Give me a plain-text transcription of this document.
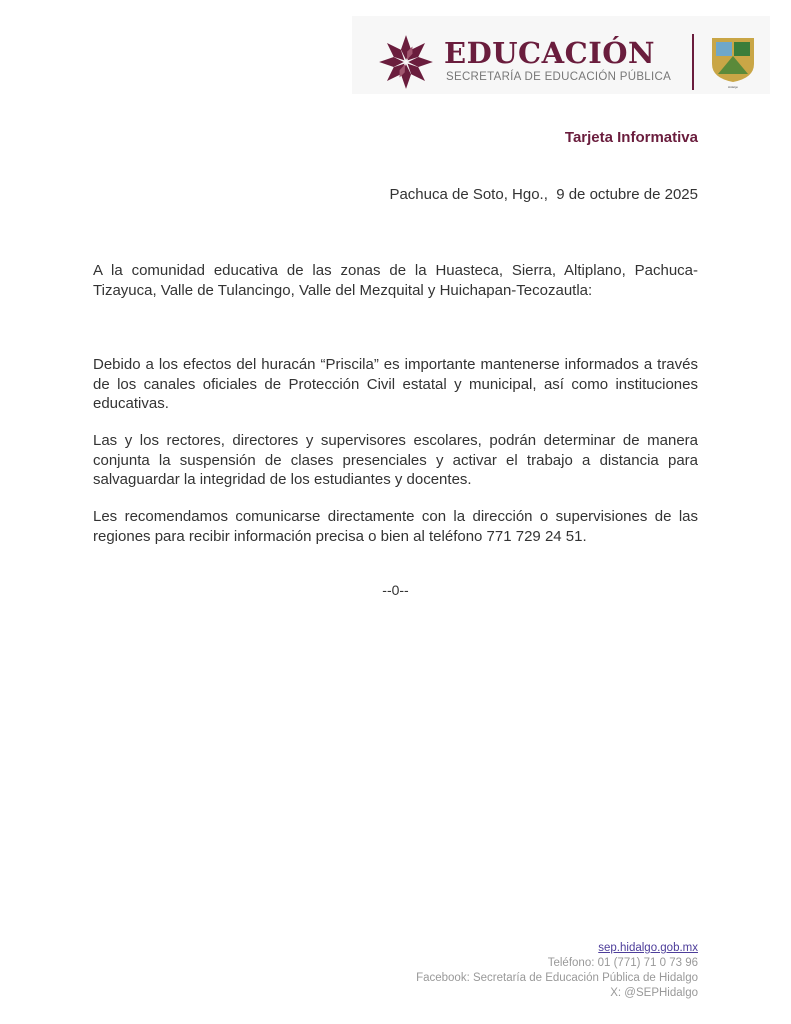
EDUCACIÓN
SECRETARÍA DE EDUCACIÓN PÚBLICA
Hidalgo
Tarjeta Informativa
Pachuca de Soto, Hgo.,  9 de octubre de 2025
A la comunidad educativa de las zonas de la Huasteca, Sierra, Altiplano, Pachuca-Tizayuca, Valle de Tulancingo, Valle del Mezquital y Huichapan-Tecozautla:
Debido a los efectos del huracán “Priscila” es importante mantenerse informados a través de los canales oficiales de Protección Civil estatal y municipal, así como instituciones educativas.
Las y los rectores, directores y supervisores escolares, podrán determinar de manera conjunta la suspensión de clases presenciales y activar el trabajo a distancia para salvaguardar la integridad de los estudiantes y docentes.
Les recomendamos comunicarse directamente con la dirección o supervisiones de las regiones para recibir información precisa o bien al teléfono 771 729 24 51.
--0--
sep.hidalgo.gob.mx
Teléfono: 01 (771) 71 0 73 96
Facebook: Secretaría de Educación Pública de Hidalgo
X: @SEPHidalgo
